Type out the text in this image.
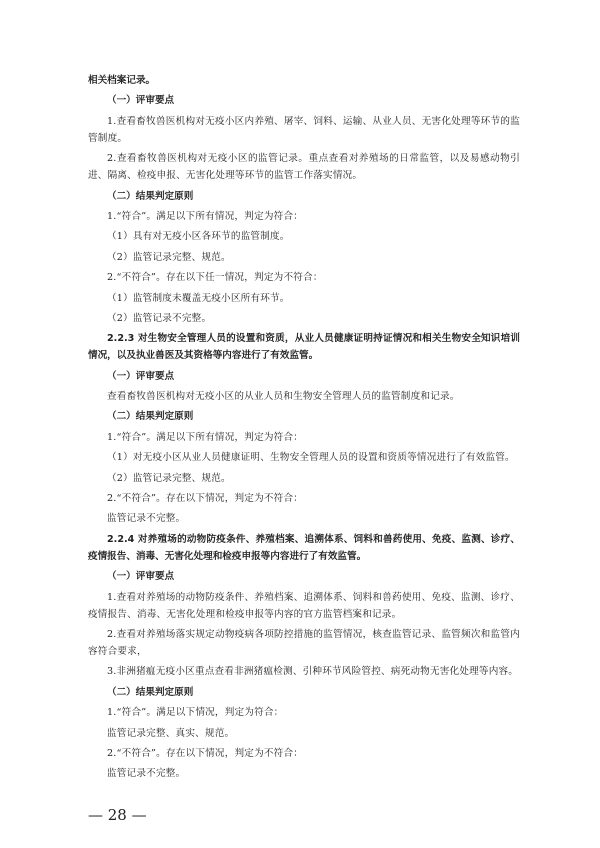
相关档案记录。

（一）评审要点

1.查看畜牧兽医机构对无疫小区内养殖、屠宰、饲料、运输、从业人员、无害化处理等环节的监管制度。

2.查看畜牧兽医机构对无疫小区的监管记录。重点查看对养殖场的日常监管，以及易感动物引进、隔离、检疫申报、无害化处理等环节的监管工作落实情况。

（二）结果判定原则

1.“符合”。满足以下所有情况，判定为符合：

（1）具有对无疫小区各环节的监管制度。

（2）监管记录完整、规范。

2.“不符合”。存在以下任一情况，判定为不符合：

（1）监管制度未覆盖无疫小区所有环节。

（2）监管记录不完整。

2.2.3 对生物安全管理人员的设置和资质，从业人员健康证明持证情况和相关生物安全知识培训情况，以及执业兽医及其资格等内容进行了有效监管。

（一）评审要点

查看畜牧兽医机构对无疫小区的从业人员和生物安全管理人员的监管制度和记录。

（二）结果判定原则

1.“符合”。满足以下所有情况，判定为符合：

（1）对无疫小区从业人员健康证明、生物安全管理人员的设置和资质等情况进行了有效监管。

（2）监管记录完整、规范。

2.“不符合”。存在以下情况，判定为不符合：

监管记录不完整。

2.2.4 对养殖场的动物防疫条件、养殖档案、追溯体系、饲料和兽药使用、免疫、监测、诊疗、疫情报告、消毒、无害化处理和检疫申报等内容进行了有效监管。

（一）评审要点

1.查看对养殖场的动物防疫条件、养殖档案、追溯体系、饲料和兽药使用、免疫、监测、诊疗、疫情报告、消毒、无害化处理和检疫申报等内容的官方监管档案和记录。

2.查看对养殖场落实规定动物疫病各项防控措施的监管情况，核查监管记录、监管频次和监管内容符合要求，

3.非洲猪瘟无疫小区重点查看非洲猪瘟检测、引种环节风险管控、病死动物无害化处理等内容。

（二）结果判定原则

1.“符合”。满足以下情况，判定为符合：

监管记录完整、真实、规范。

2.“不符合”。存在以下情况，判定为不符合：

监管记录不完整。

— 28 —
